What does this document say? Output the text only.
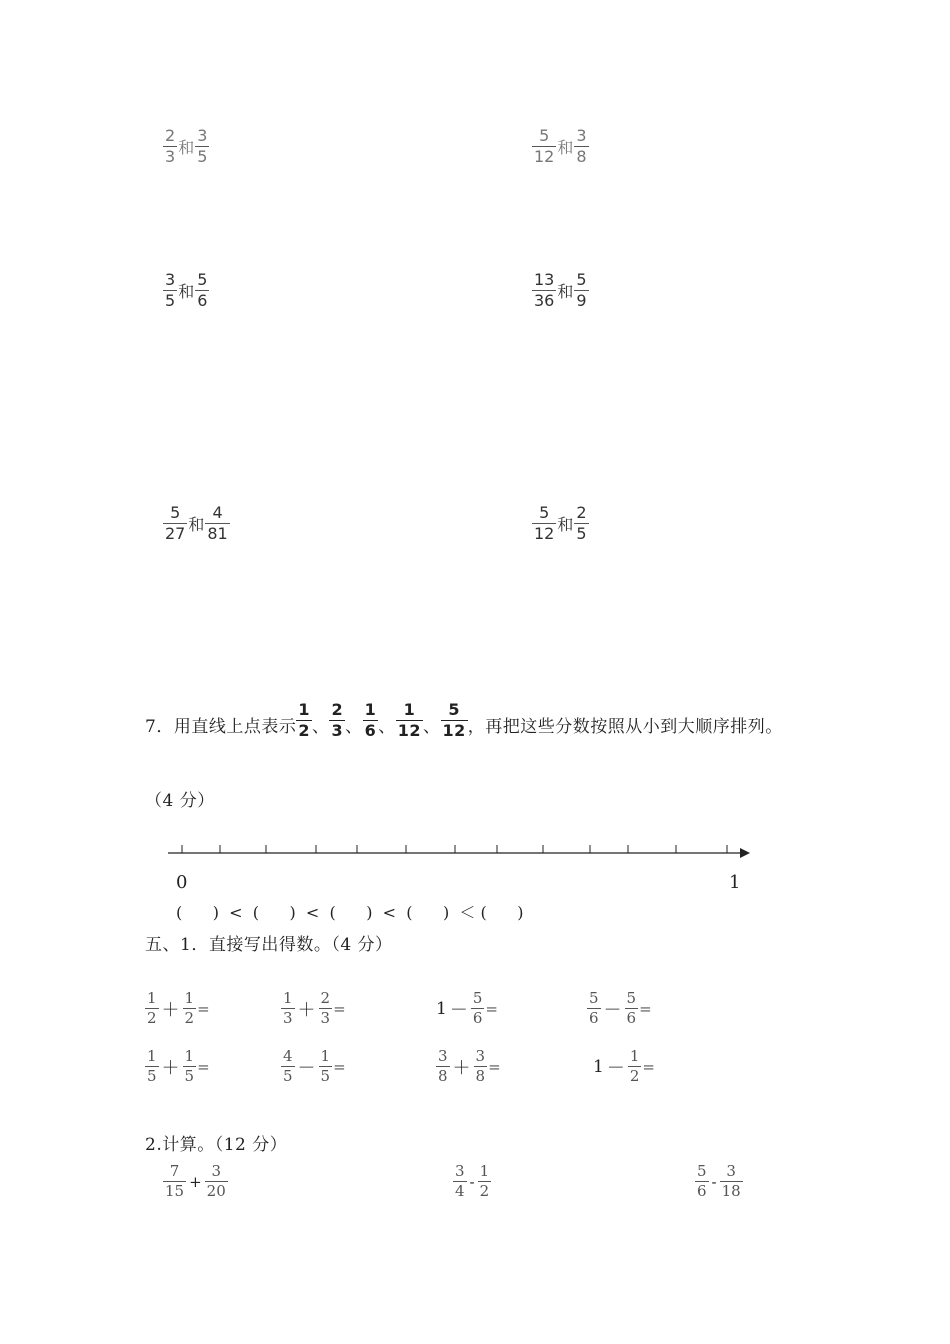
$\frac{2}{3}$ 和 $\frac{3}{5}$	$\frac{5}{12}$ 和 $\frac{3}{8}$
$\frac{3}{5}$ 和 $\frac{5}{6}$	$\frac{13}{36}$ 和 $\frac{5}{9}$
$\frac{5}{27}$ 和 $\frac{4}{81}$	$\frac{5}{12}$ 和 $\frac{2}{5}$
7．用直线上点表示 $\frac{1}{2}$ 、 $\frac{2}{3}$ 、 $\frac{1}{6}$ 、 $\frac{1}{12}$ 、 $\frac{5}{12}$ ，再把这些分数按照从小到大顺序排列。
（4 分）
0	1
(      )  <  (      )  <  (      )  <  (      )  ＜ (      )
五、1．直接写出得数。（4 分）
$\frac{1}{2} + \frac{1}{2}$ =	$\frac{1}{3} + \frac{2}{3}$ =	$1 - \frac{5}{6}$ =	$\frac{5}{6} - \frac{5}{6}$ =
$\frac{1}{5} + \frac{1}{5}$ =	$\frac{4}{5} - \frac{1}{5}$ =	$\frac{3}{8} + \frac{3}{8}$ =	$1 - \frac{1}{2}$ =
2.计算。（12 分）
$\frac{7}{15} + \frac{3}{20}$	$\frac{3}{4} - \frac{1}{2}$	$\frac{5}{6} - \frac{3}{18}$
